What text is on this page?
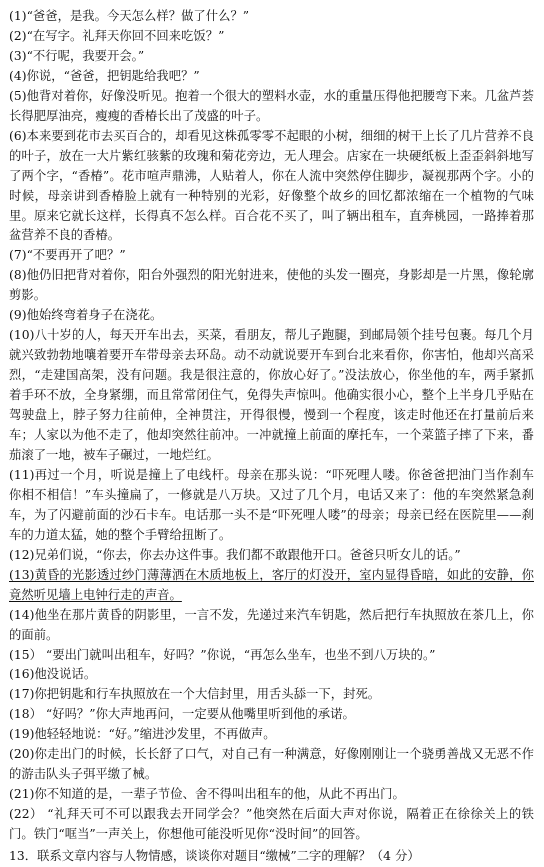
(1)“爸爸，是我。今天怎么样？做了什么？”

(2)“在写字。礼拜天你回不回来吃饭？”

(3)“不行呢，我要开会。”

(4)你说，“爸爸，把钥匙给我吧？”

(5)他背对着你，好像没听见。抱着一个很大的塑料水壶，水的重量压得他把腰弯下来。几盆芦荟长得肥厚油亮，瘦瘦的香椿长出了茂盛的叶子。

(6)本来要到花市去买百合的，却看见这株孤零零不起眼的小树，细细的树干上长了几片营养不良的叶子，放在一大片紫红骇紫的玫瑰和菊花旁边，无人理会。店家在一块硬纸板上歪歪斜斜地写了两个字，“香椿”。花市喧声鼎沸，人贴着人，你在人流中突然停住脚步，凝视那两个字。小的时候，母亲讲到香椿脸上就有一种特别的光彩，好像整个故乡的回忆都浓缩在一个植物的气味里。原来它就长这样，长得真不怎么样。百合花不买了，叫了辆出租车，直奔桃园，一路捧着那盆营养不良的香椿。

(7)“不要再开了吧？”

(8)他仍旧把背对着你，阳台外强烈的阳光射进来，使他的头发一圈亮，身影却是一片黑，像轮廓剪影。

(9)他始终弯着身子在浇花。

(10)八十岁的人，每天开车出去，买菜，看朋友，帮儿子跑腿，到邮局领个挂号包裹。每几个月就兴致勃勃地嚷着要开车带母亲去环岛。动不动就说要开车到台北来看你，你害怕，他却兴高采烈，“走建国高架，没有问题。我是很注意的，你放心好了。”没法放心，你坐他的车，两手紧抓着手环不放，全身紧绷，而且常常闭住气，免得失声惊叫。他确实很小心，整个上半身几乎贴在驾驶盘上，脖子努力往前伸，全神贯注，开得很慢，慢到一个程度，该走时他还在打量前后来车；人家以为他不走了，他却突然往前冲。一冲就撞上前面的摩托车，一个菜篮子摔了下来，番茄滚了一地，被车子碾过，一地烂红。

(11)再过一个月，听说是撞上了电线杆。母亲在那头说：“吓死哩人喽。你爸爸把油门当作刹车你相不相信！”车头撞扁了，一修就是八万块。又过了几个月，电话又来了：他的车突然紧急刹车，为了闪避前面的沙石卡车。电话那一头不是“吓死哩人喽”的母亲；母亲已经在医院里——刹车的力道太猛，她的整个手臂给扭断了。

(12)兄弟们说，“你去，你去办这件事。我们都不敢跟他开口。爸爸只听女儿的话。”

(13)黄昏的光影透过纱门薄薄洒在木质地板上，客厅的灯没开，室内显得昏暗，如此的安静，你竟然听见墙上电钟行走的声音。

(14)他坐在那片黄昏的阴影里，一言不发，先递过来汽车钥匙，然后把行车执照放在茶几上，你的面前。

(15） “要出门就叫出租车，好吗？”你说，“再怎么坐车，也坐不到八万块的。”

(16)他没说话。

(17)你把钥匙和行车执照放在一个大信封里，用舌头舔一下，封死。

(18） “好吗？”你大声地再问，一定要从他嘴里听到他的承诺。

(19)他轻轻地说：“好。”缩进沙发里，不再做声。

(20)你走出门的时候，长长舒了口气，对自己有一种满意，好像刚刚让一个骁勇善战又无恶不作的游击队头子弭平缴了械。

(21)你不知道的是，一辈子节俭、舍不得叫出租车的他，从此不再出门。

(22） “礼拜天可不可以跟我去开同学会？”他突然在后面大声对你说，隔着正在徐徐关上的铁门。铁门“哐当”一声关上，你想他可能没听见你“没时间”的回答。

13．联系文章内容与人物情感，谈谈你对题目“缴械”二字的理解？（4 分）
